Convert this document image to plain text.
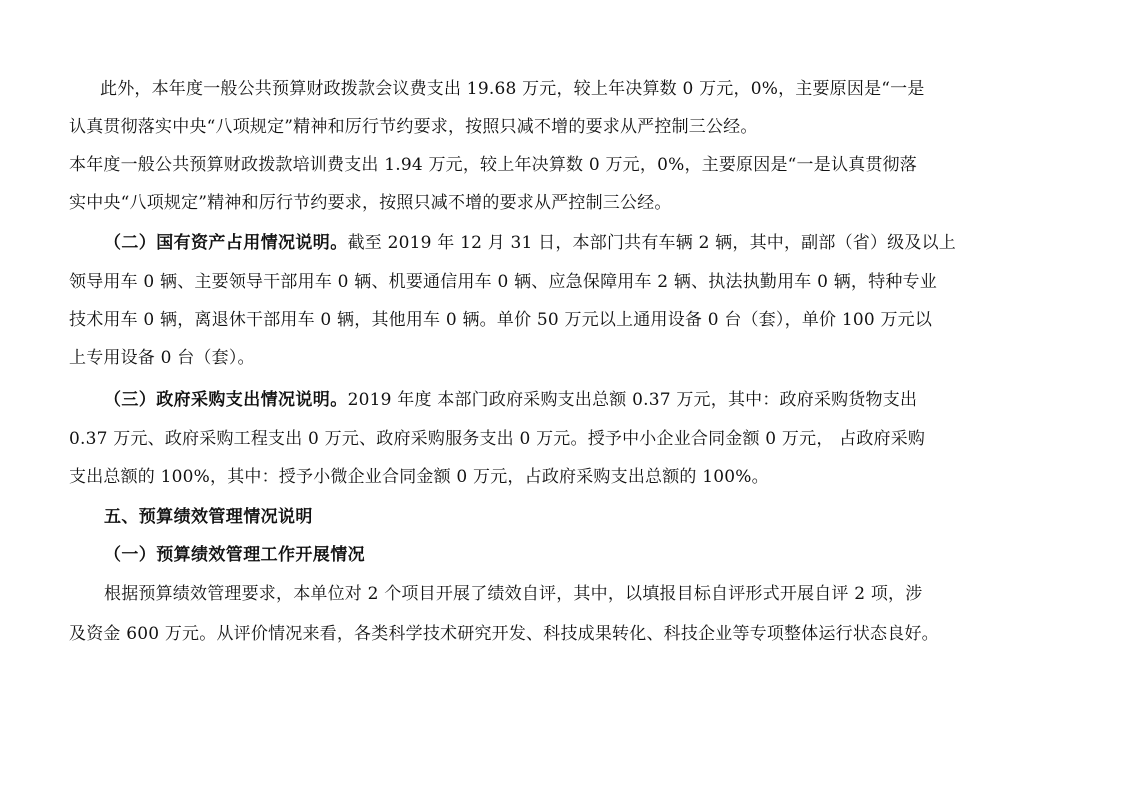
此外，本年度一般公共预算财政拨款会议费支出 19.68 万元，较上年决算数 0 万元，0%，主要原因是“一是
认真贯彻落实中央“八项规定”精神和厉行节约要求，按照只减不增的要求从严控制三公经。
本年度一般公共预算财政拨款培训费支出 1.94 万元，较上年决算数 0 万元，0%，主要原因是“一是认真贯彻落
实中央“八项规定”精神和厉行节约要求，按照只减不增的要求从严控制三公经。
（二）国有资产占用情况说明。截至 2019 年 12 月 31 日，本部门共有车辆 2 辆，其中，副部（省）级及以上
领导用车 0 辆、主要领导干部用车 0 辆、机要通信用车 0 辆、应急保障用车 2 辆、执法执勤用车 0 辆，特种专业
技术用车 0 辆，离退休干部用车 0 辆，其他用车 0 辆。单价 50 万元以上通用设备 0 台（套），单价 100 万元以
上专用设备 0 台（套）。
（三）政府采购支出情况说明。2019 年度 本部门政府采购支出总额 0.37 万元，其中：政府采购货物支出
0.37 万元、政府采购工程支出 0 万元、政府采购服务支出 0 万元。授予中小企业合同金额 0 万元， 占政府采购
支出总额的 100%，其中：授予小微企业合同金额 0 万元，占政府采购支出总额的 100%。
五、预算绩效管理情况说明
（一）预算绩效管理工作开展情况
根据预算绩效管理要求，本单位对 2 个项目开展了绩效自评，其中，以填报目标自评形式开展自评 2 项，涉
及资金 600 万元。从评价情况来看，各类科学技术研究开发、科技成果转化、科技企业等专项整体运行状态良好。
